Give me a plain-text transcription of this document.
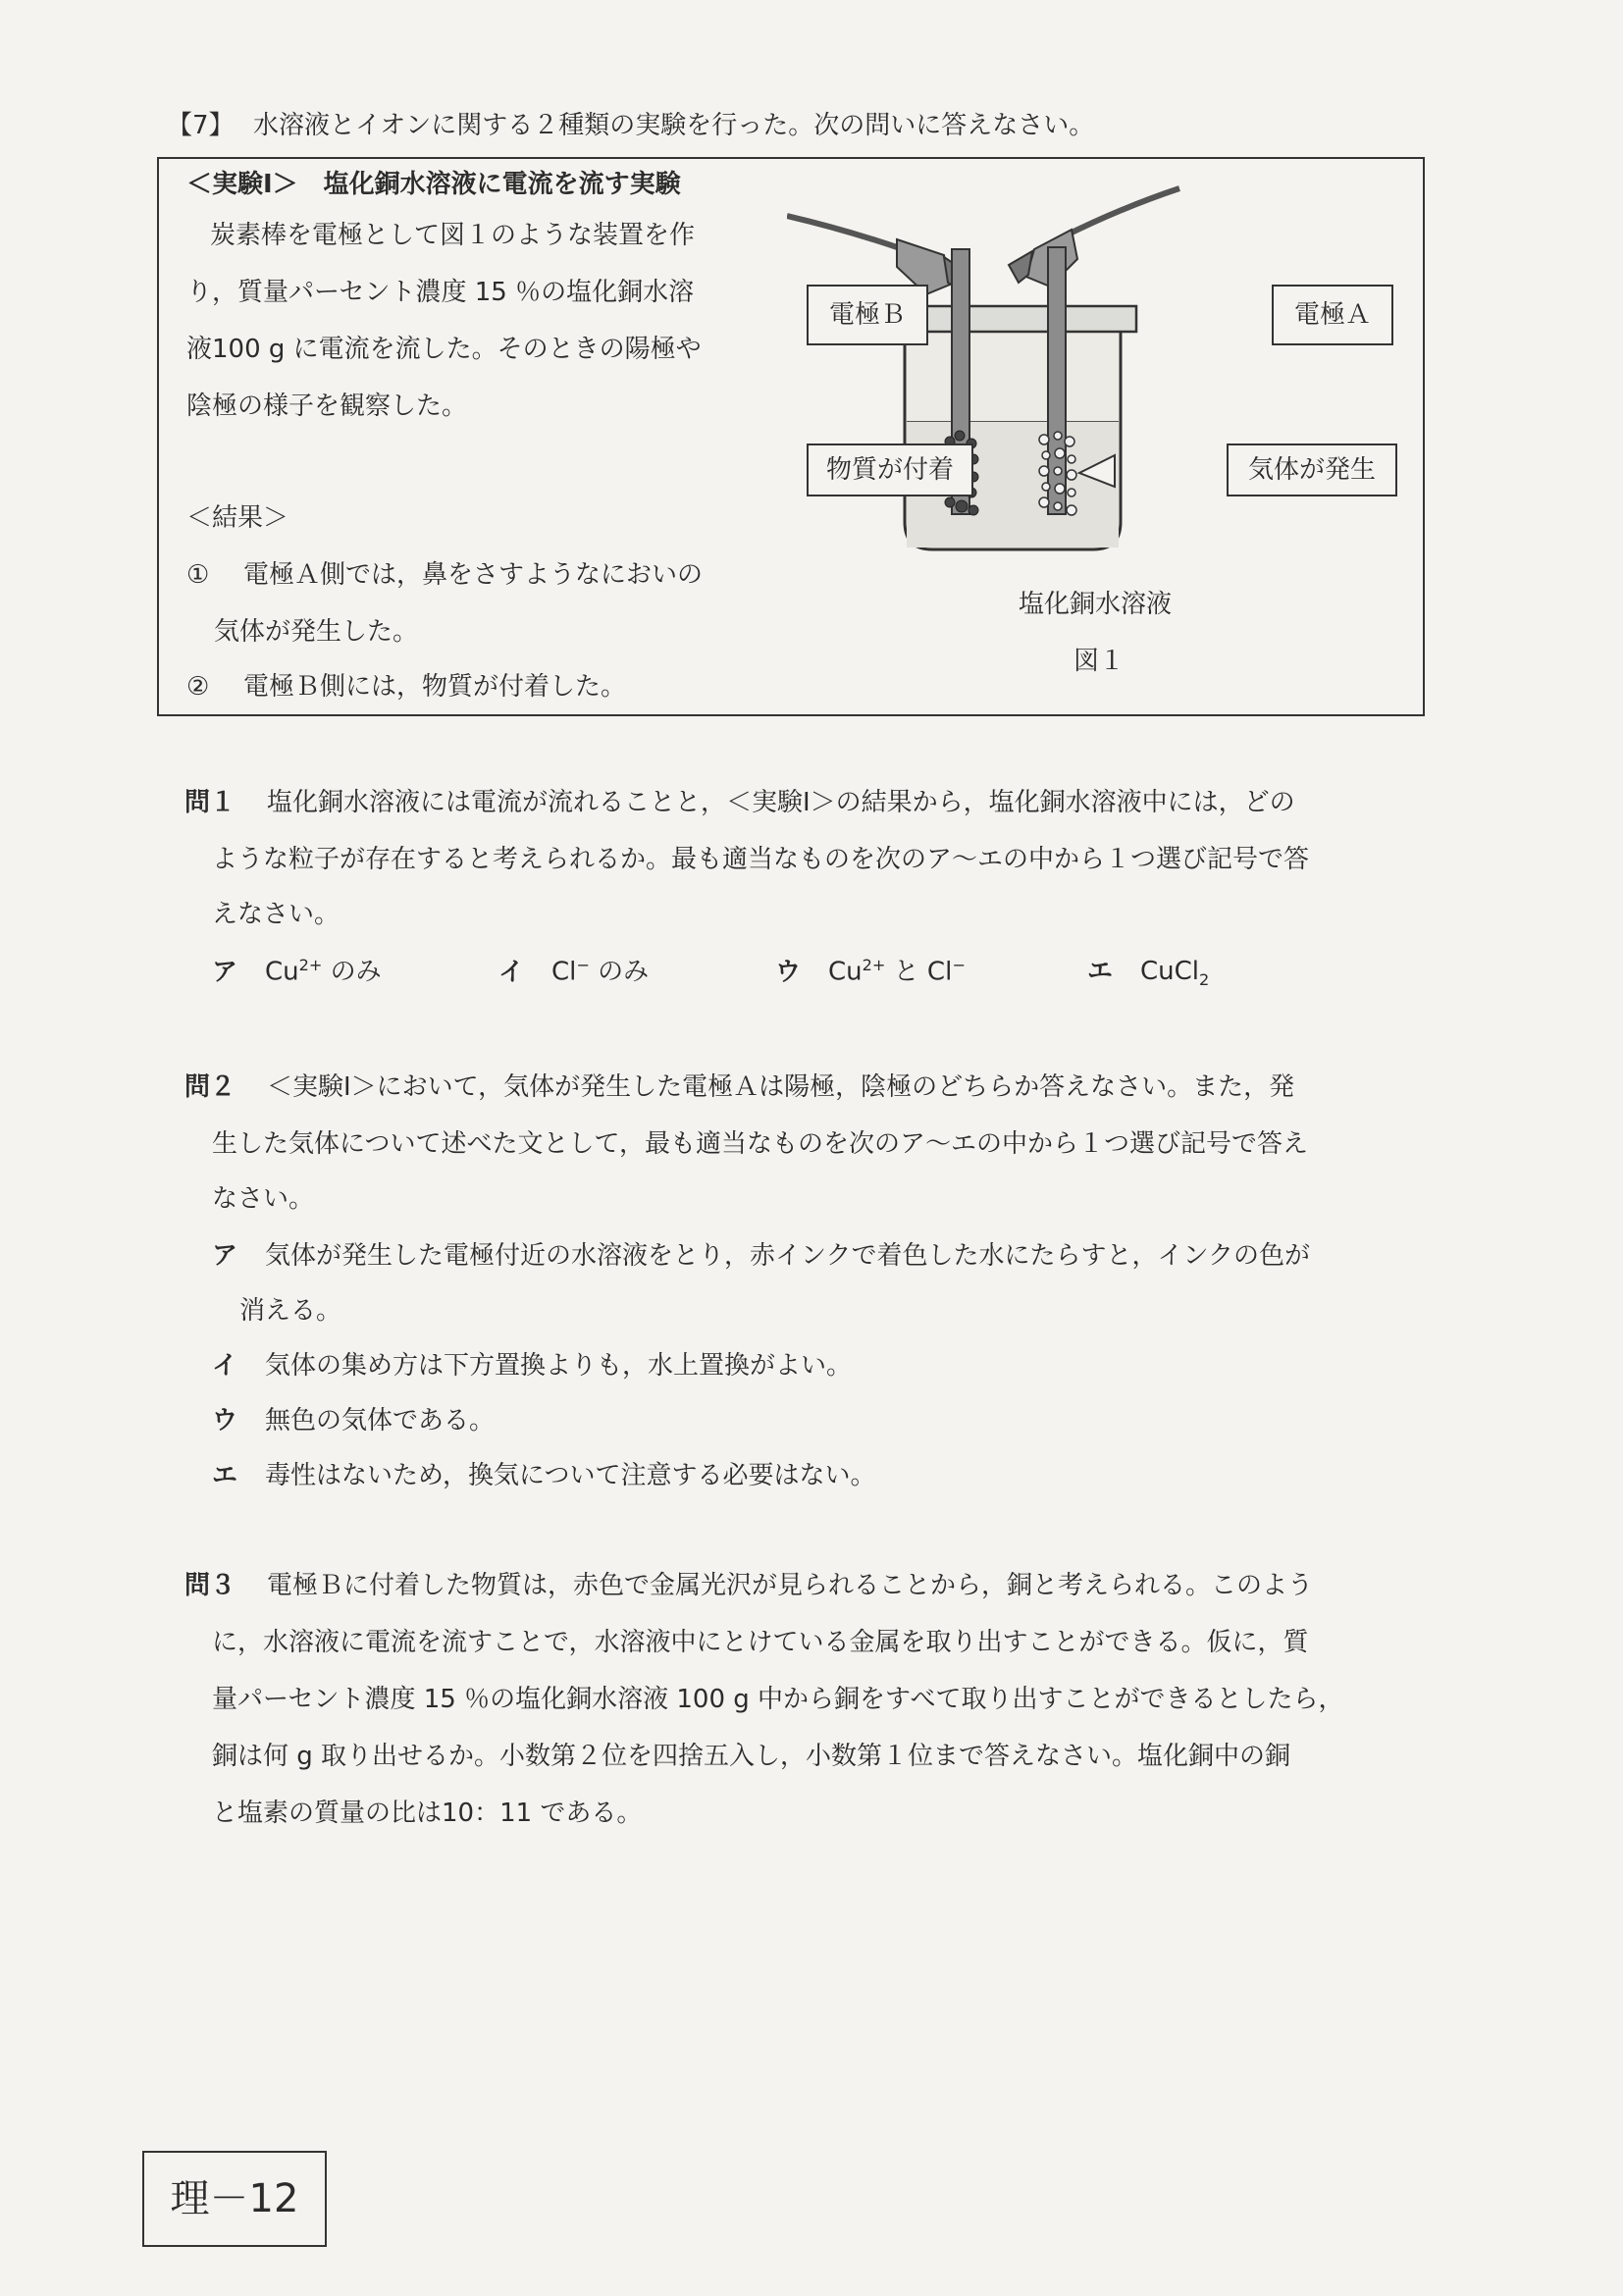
【7】 水溶液とイオンに関する２種類の実験を行った。次の問いに答えなさい。
＜実験Ⅰ＞　塩化銅水溶液に電流を流す実験
炭素棒を電極として図１のような装置を作
り，質量パーセント濃度 15 ％の塩化銅水溶
液100 g に電流を流した。そのときの陽極や
陰極の様子を観察した。
＜結果＞
① 電極Ａ側では，鼻をさすようなにおいの
気体が発生した。
② 電極Ｂ側には，物質が付着した。
電極Ｂ	電極Ａ
物質が付着	気体が発生
塩化銅水溶液
図１
問１ 塩化銅水溶液には電流が流れることと，＜実験Ⅰ＞の結果から，塩化銅水溶液中には，どの
ような粒子が存在すると考えられるか。最も適当なものを次のア～エの中から１つ選び記号で答
えなさい。
ア $Cu^{2+}$ のみ	イ Cl− のみ	ウ $Cu^{2+}$ と Cl−	エ CuCl$_2$
問２ ＜実験Ⅰ＞において，気体が発生した電極Ａは陽極，陰極のどちらか答えなさい。また，発
生した気体について述べた文として，最も適当なものを次のア～エの中から１つ選び記号で答え
なさい。
ア 気体が発生した電極付近の水溶液をとり，赤インクで着色した水にたらすと，インクの色が
消える。
イ 気体の集め方は下方置換よりも，水上置換がよい。
ウ 無色の気体である。
エ 毒性はないため，換気について注意する必要はない。
問３ 電極Ｂに付着した物質は，赤色で金属光沢が見られることから，銅と考えられる。このよう
に，水溶液に電流を流すことで，水溶液中にとけている金属を取り出すことができる。仮に，質
量パーセント濃度 15 ％の塩化銅水溶液 100 g 中から銅をすべて取り出すことができるとしたら，
銅は何 g 取り出せるか。小数第２位を四捨五入し，小数第１位まで答えなさい。塩化銅中の銅
と塩素の質量の比は10：11 である。
理－12
